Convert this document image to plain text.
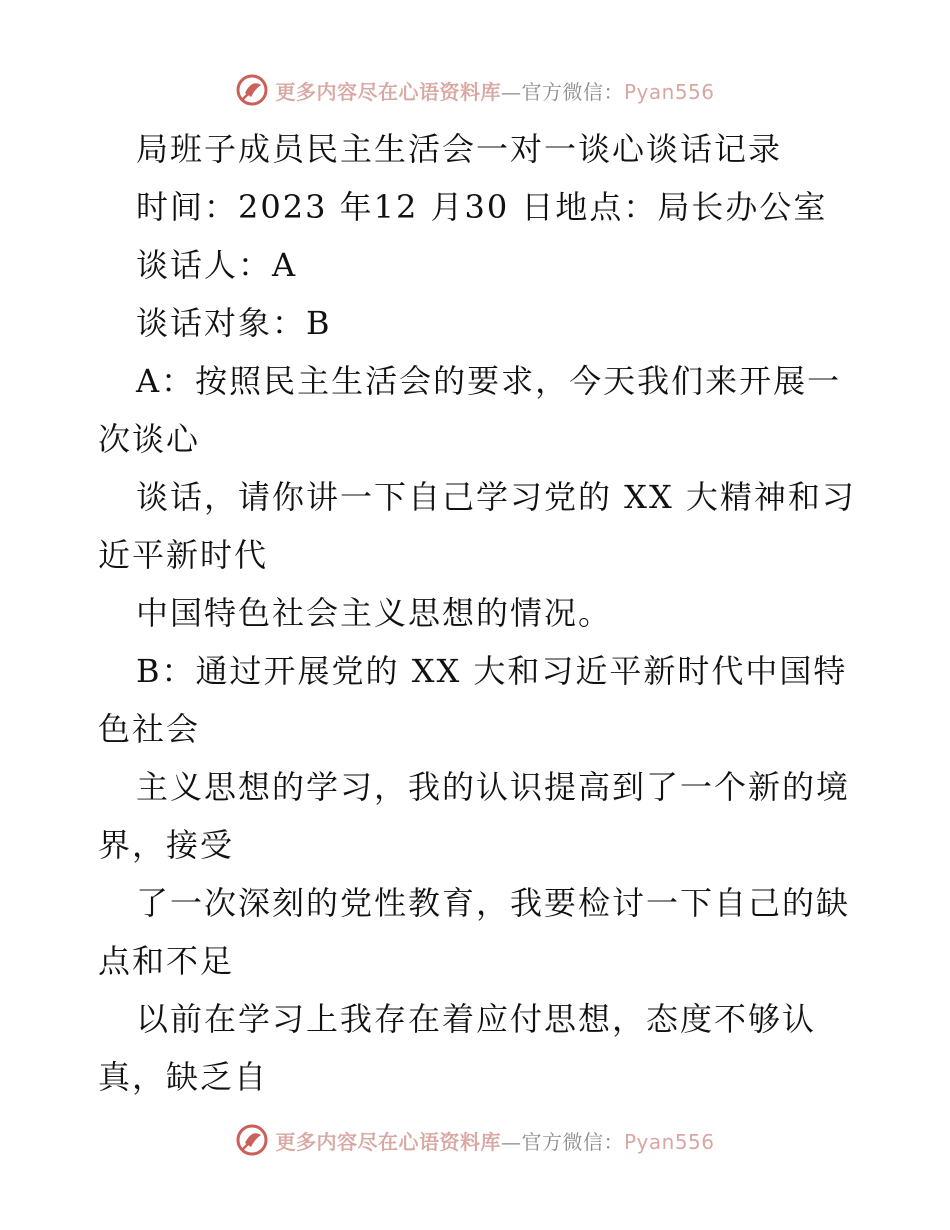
更多内容尽在心语资料库—官方微信：Pyan556
局班子成员民主生活会一对一谈心谈话记录
时间：2023 年12 月30 日地点：局长办公室
谈话人：A
谈话对象：B
A：按照民主生活会的要求，今天我们来开展一
次谈心
谈话，请你讲一下自己学习党的 XX 大精神和习
近平新时代
中国特色社会主义思想的情况。
B：通过开展党的 XX 大和习近平新时代中国特
色社会
主义思想的学习，我的认识提高到了一个新的境
界，接受
了一次深刻的党性教育，我要检讨一下自己的缺
点和不足
以前在学习上我存在着应付思想，态度不够认
真，缺乏自
更多内容尽在心语资料库—官方微信：Pyan556
